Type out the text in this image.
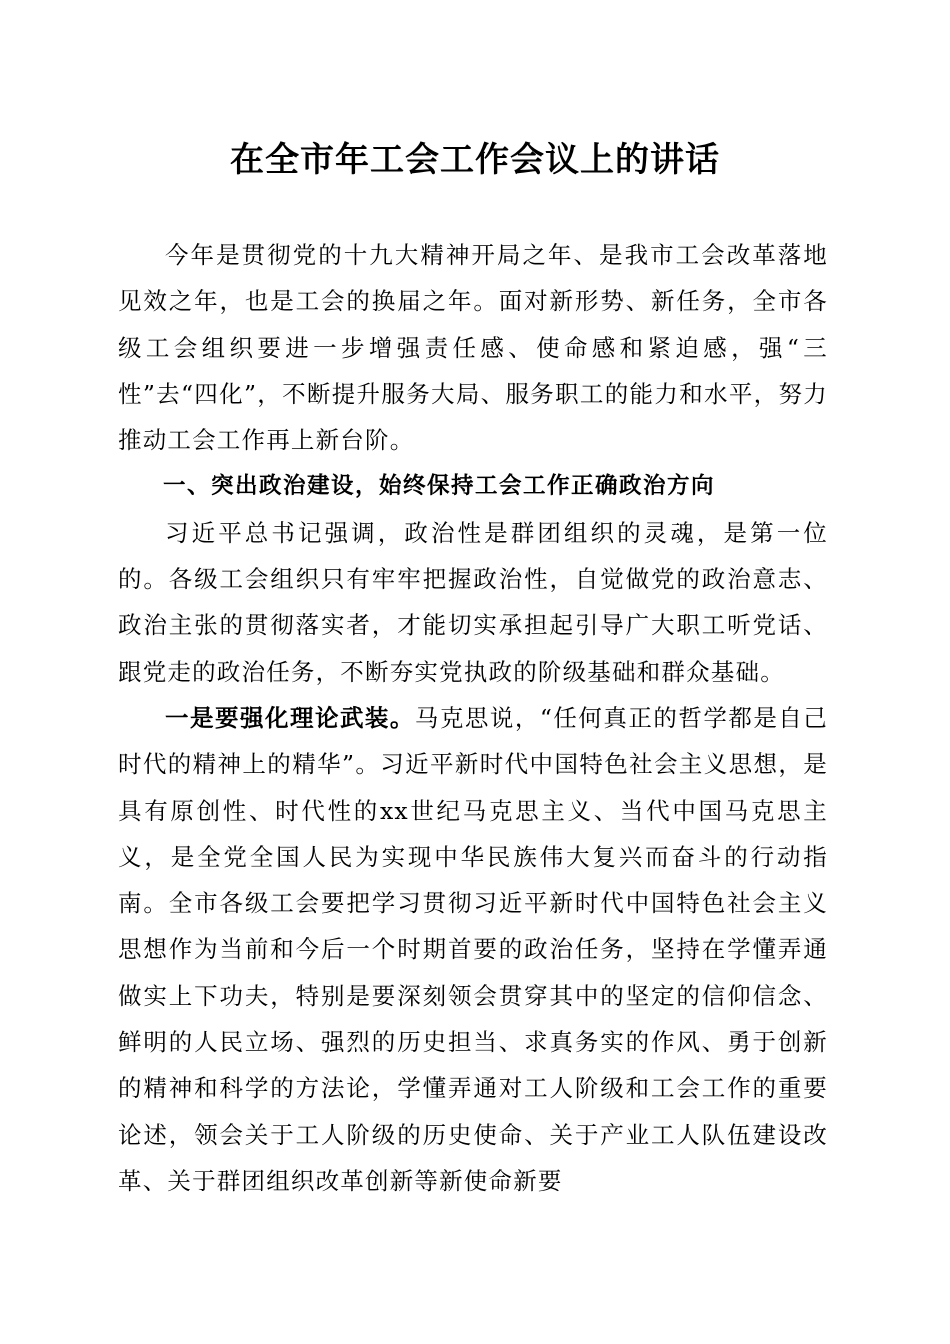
在全市年工会工作会议上的讲话

今年是贯彻党的十九大精神开局之年、是我市工会改革落地见效之年，也是工会的换届之年。面对新形势、新任务，全市各级工会组织要进一步增强责任感、使命感和紧迫感，强“三性”去“四化”，不断提升服务大局、服务职工的能力和水平，努力推动工会工作再上新台阶。

一、突出政治建设，始终保持工会工作正确政治方向

习近平总书记强调，政治性是群团组织的灵魂，是第一位的。各级工会组织只有牢牢把握政治性，自觉做党的政治意志、政治主张的贯彻落实者，才能切实承担起引导广大职工听党话、跟党走的政治任务，不断夯实党执政的阶级基础和群众基础。

一是要强化理论武装。马克思说，“任何真正的哲学都是自己时代的精神上的精华”。习近平新时代中国特色社会主义思想，是具有原创性、时代性的xx世纪马克思主义、当代中国马克思主义，是全党全国人民为实现中华民族伟大复兴而奋斗的行动指南。全市各级工会要把学习贯彻习近平新时代中国特色社会主义思想作为当前和今后一个时期首要的政治任务，坚持在学懂弄通做实上下功夫，特别是要深刻领会贯穿其中的坚定的信仰信念、鲜明的人民立场、强烈的历史担当、求真务实的作风、勇于创新的精神和科学的方法论，学懂弄通对工人阶级和工会工作的重要论述，领会关于工人阶级的历史使命、关于产业工人队伍建设改革、关于群团组织改革创新等新使命新要
